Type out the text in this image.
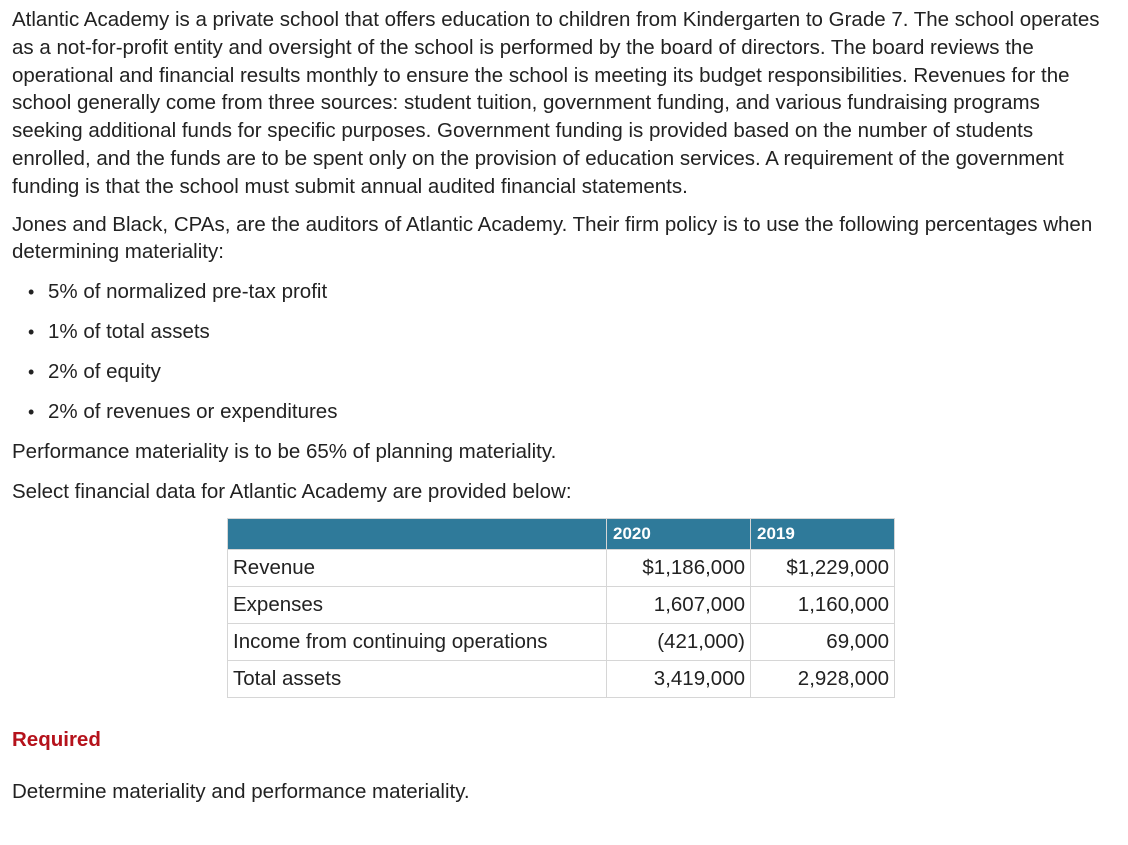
Atlantic Academy is a private school that offers education to children from Kindergarten to Grade 7. The school operates as a not-for-profit entity and oversight of the school is performed by the board of directors. The board reviews the operational and financial results monthly to ensure the school is meeting its budget responsibilities. Revenues for the school generally come from three sources: student tuition, government funding, and various fundraising programs seeking additional funds for specific purposes. Government funding is provided based on the number of students enrolled, and the funds are to be spent only on the provision of education services. A requirement of the government funding is that the school must submit annual audited financial statements.

Jones and Black, CPAs, are the auditors of Atlantic Academy. Their firm policy is to use the following percentages when determining materiality:

• 5% of normalized pre-tax profit
• 1% of total assets
• 2% of equity
• 2% of revenues or expenditures

Performance materiality is to be 65% of planning materiality.

Select financial data for Atlantic Academy are provided below:

	2020	2019
Revenue	$1,186,000	$1,229,000
Expenses	1,607,000	1,160,000
Income from continuing operations	(421,000)	69,000
Total assets	3,419,000	2,928,000
Required
Determine materiality and performance materiality.
